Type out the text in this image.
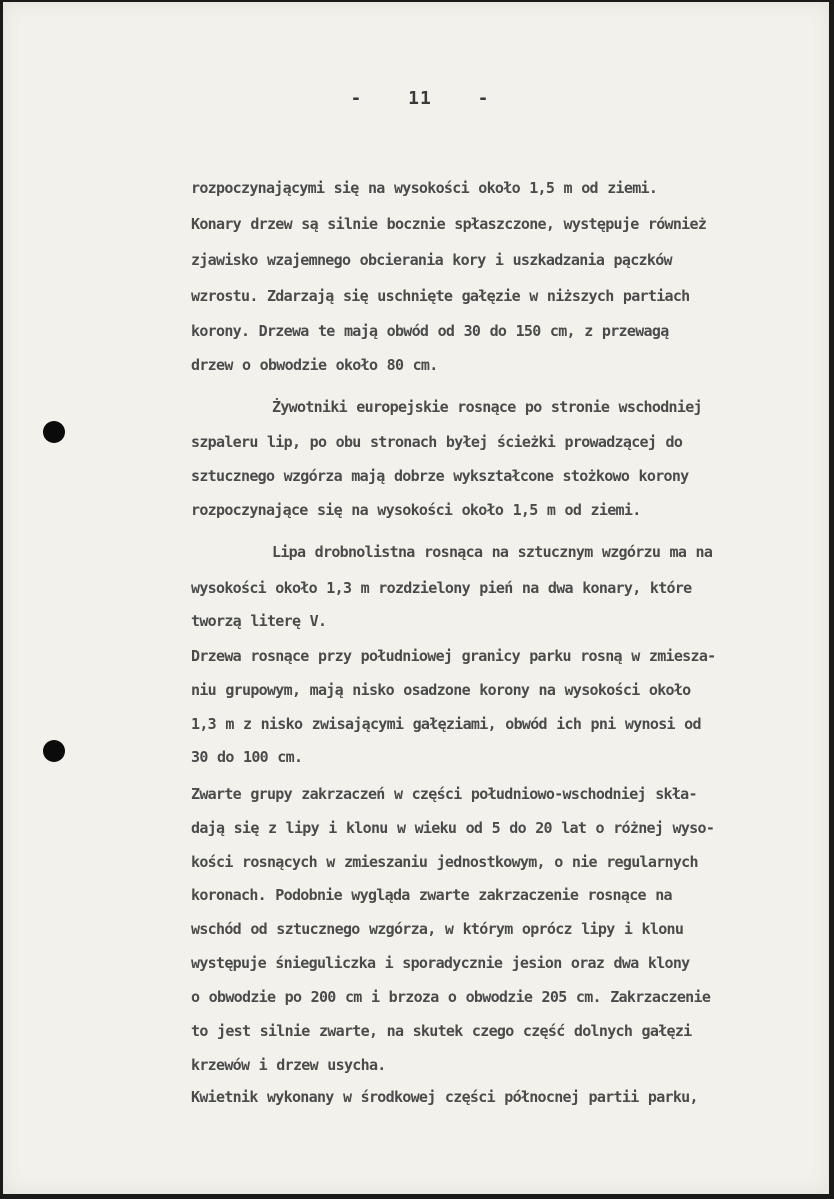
- 11 -
rozpoczynającymi się na wysokości około 1,5 m od ziemi.
Konary drzew są silnie bocznie spłaszczone, występuje również
zjawisko wzajemnego obcierania kory i uszkadzania pączków
wzrostu. Zdarzają się uschnięte gałęzie w niższych partiach
korony. Drzewa te mają obwód od 30 do 150 cm, z przewagą
drzew o obwodzie około 80 cm.
Żywotniki europejskie rosnące po stronie wschodniej
szpaleru lip, po obu stronach byłej ścieżki prowadzącej do
sztucznego wzgórza mają dobrze wykształcone stożkowo korony
rozpoczynające się na wysokości około 1,5 m od ziemi.
Lipa drobnolistna rosnąca na sztucznym wzgórzu ma na
wysokości około 1,3 m rozdzielony pień na dwa konary, które
tworzą literę V.
Drzewa rosnące przy południowej granicy parku rosną w zmiesza-
niu grupowym, mają nisko osadzone korony na wysokości około
1,3 m z nisko zwisającymi gałęziami, obwód ich pni wynosi od
30 do 100 cm.
Zwarte grupy zakrzaczeń w części południowo-wschodniej skła-
dają się z lipy i klonu w wieku od 5 do 20 lat o różnej wyso-
kości rosnących w zmieszaniu jednostkowym, o nie regularnych
koronach. Podobnie wygląda zwarte zakrzaczenie rosnące na
wschód od sztucznego wzgórza, w którym oprócz lipy i klonu
występuje śnieguliczka i sporadycznie jesion oraz dwa klony
o obwodzie po 200 cm i brzoza o obwodzie 205 cm. Zakrzaczenie
to jest silnie zwarte, na skutek czego część dolnych gałęzi
krzewów i drzew usycha.
Kwietnik wykonany w środkowej części północnej partii parku,
